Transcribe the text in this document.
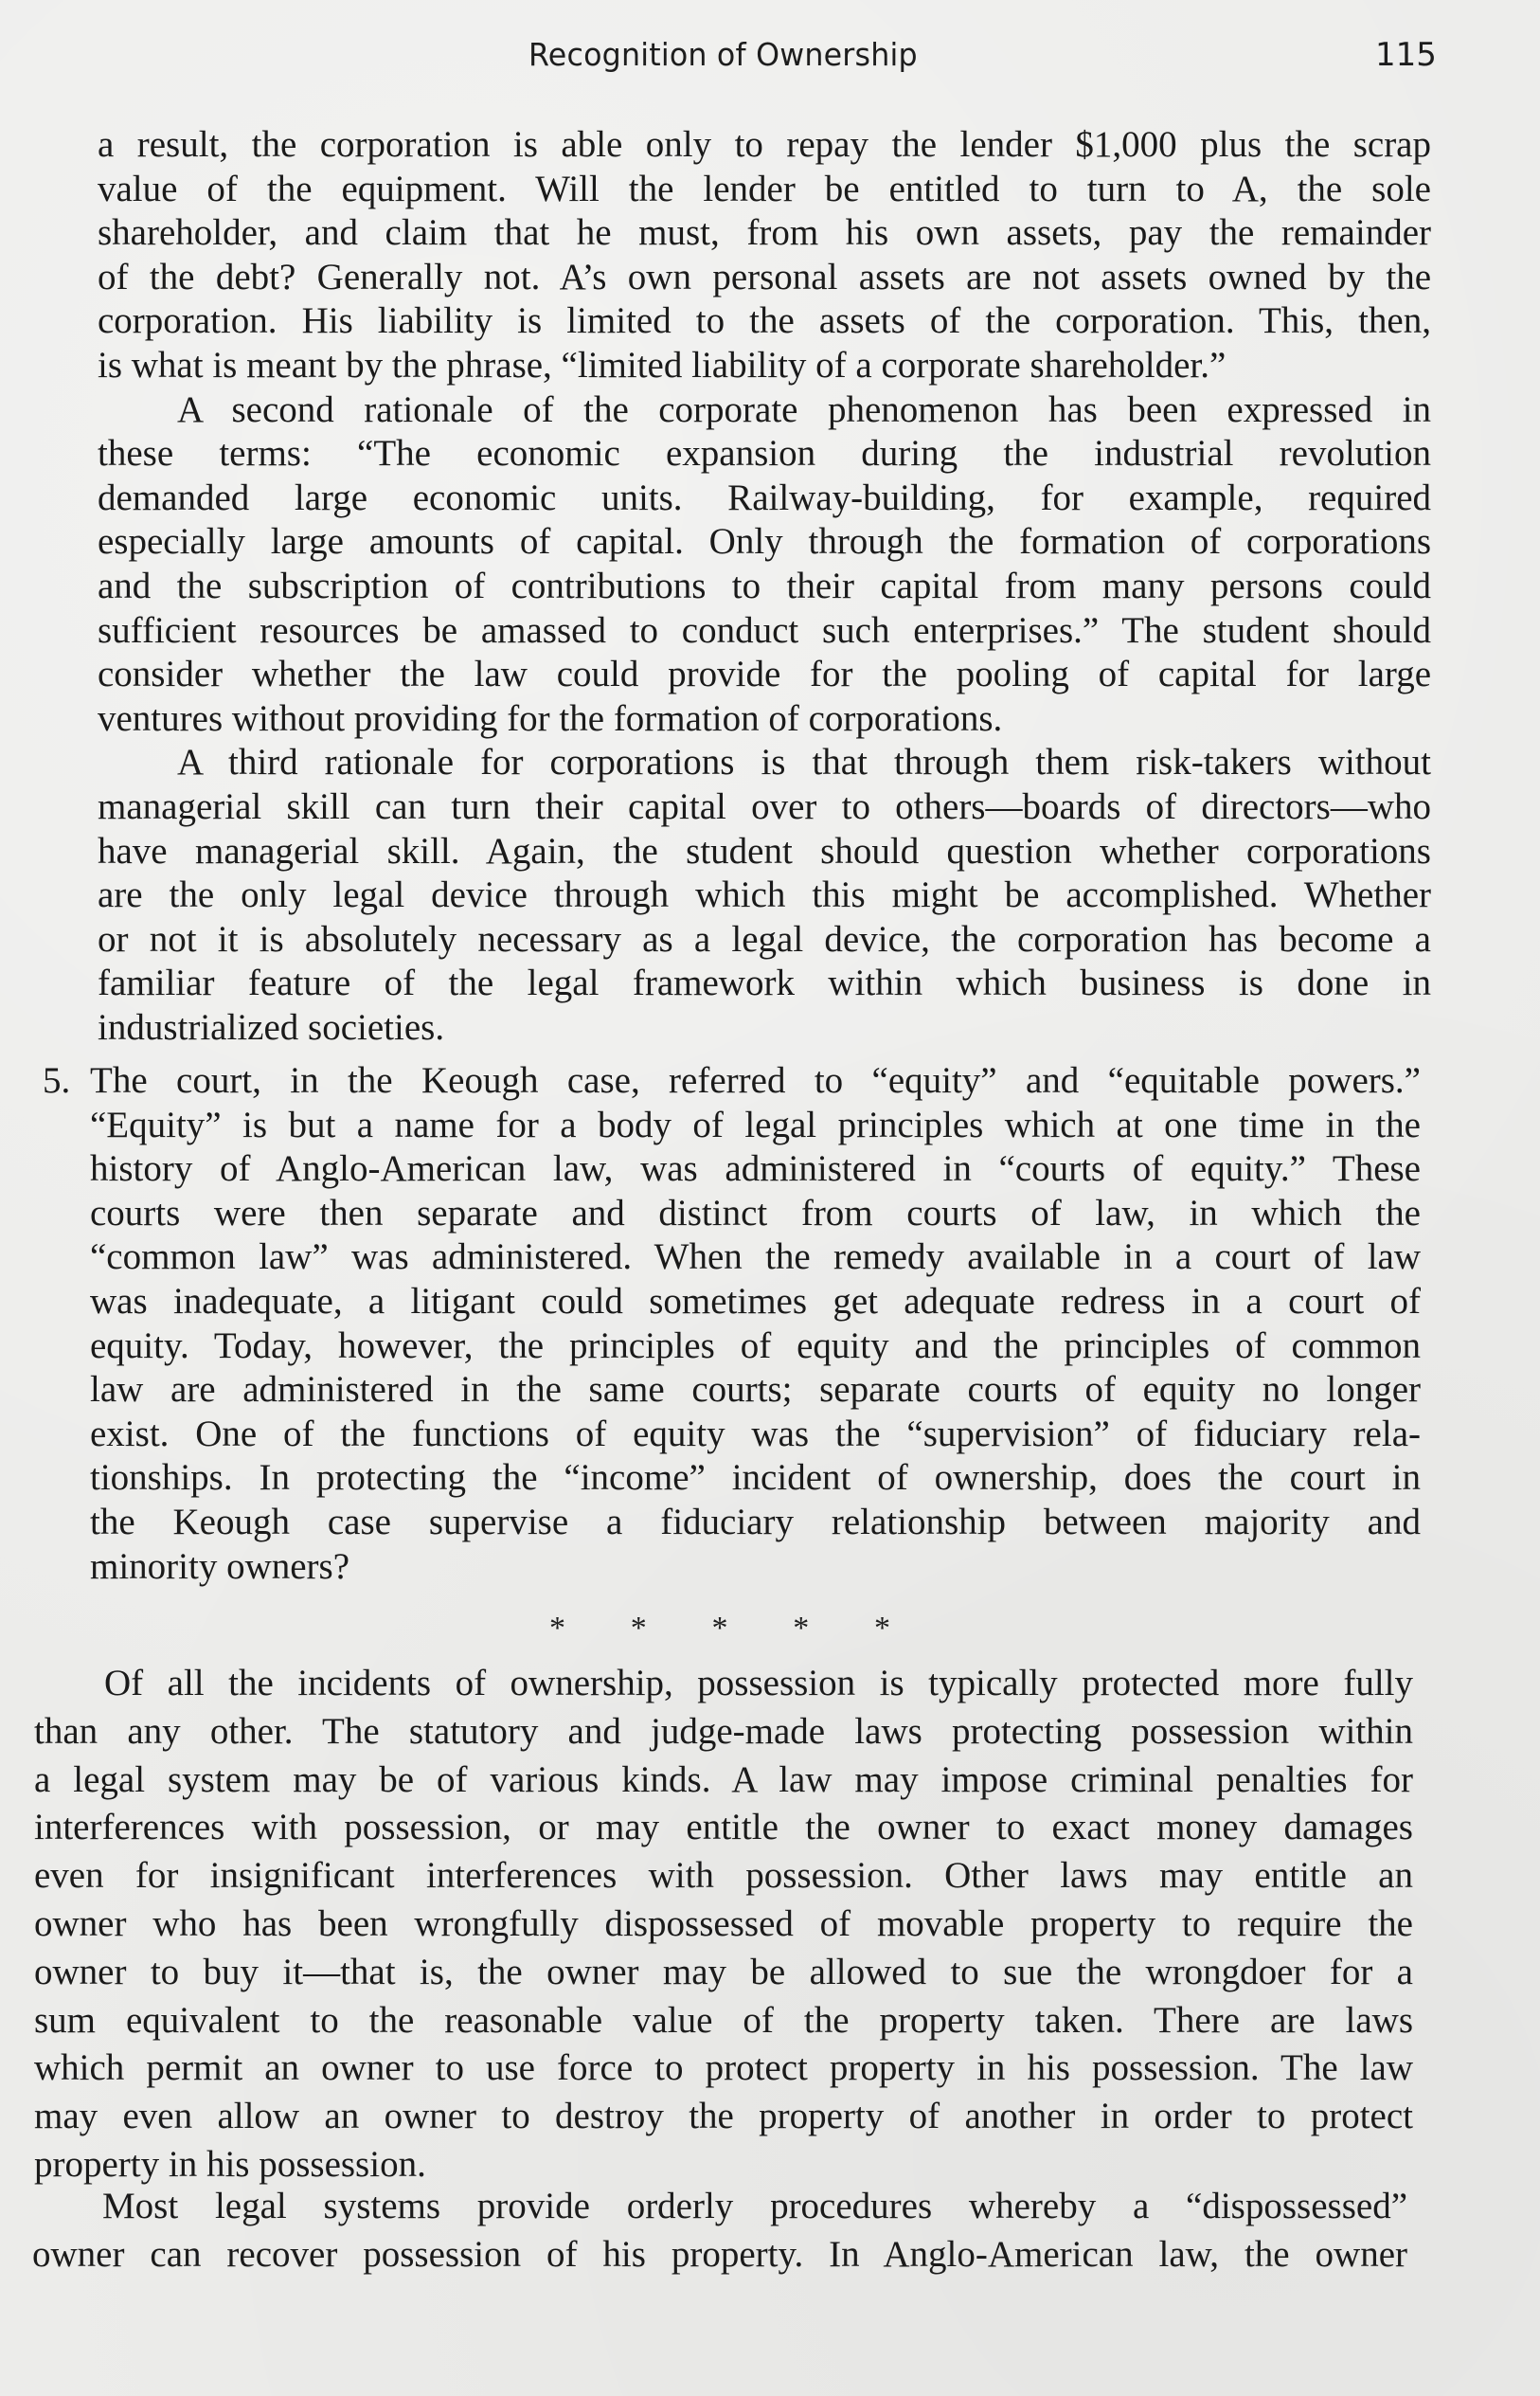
Recognition of Ownership	115
a result, the corporation is able only to repay the lender $1,000 plus the scrap
value of the equipment. Will the lender be entitled to turn to A, the sole
shareholder, and claim that he must, from his own assets, pay the remainder
of the debt? Generally not. A’s own personal assets are not assets owned by the
corporation. His liability is limited to the assets of the corporation. This, then,
is what is meant by the phrase, “limited liability of a corporate shareholder.”
A second rationale of the corporate phenomenon has been expressed in
these terms: “The economic expansion during the industrial revolution
demanded large economic units. Railway-building, for example, required
especially large amounts of capital. Only through the formation of corporations
and the subscription of contributions to their capital from many persons could
sufficient resources be amassed to conduct such enterprises.” The student should
consider whether the law could provide for the pooling of capital for large
ventures without providing for the formation of corporations.
A third rationale for corporations is that through them risk-takers without
managerial skill can turn their capital over to others—boards of directors—who
have managerial skill. Again, the student should question whether corporations
are the only legal device through which this might be accomplished. Whether
or not it is absolutely necessary as a legal device, the corporation has become a
familiar feature of the legal framework within which business is done in
industrialized societies.
5. The court, in the Keough case, referred to “equity” and “equitable powers.”
“Equity” is but a name for a body of legal principles which at one time in the
history of Anglo-American law, was administered in “courts of equity.” These
courts were then separate and distinct from courts of law, in which the
“common law” was administered. When the remedy available in a court of law
was inadequate, a litigant could sometimes get adequate redress in a court of
equity. Today, however, the principles of equity and the principles of common
law are administered in the same courts; separate courts of equity no longer
exist. One of the functions of equity was the “supervision” of fiduciary rela-
tionships. In protecting the “income” incident of ownership, does the court in
the Keough case supervise a fiduciary relationship between majority and
minority owners?
* * * * *
Of all the incidents of ownership, possession is typically protected more fully
than any other. The statutory and judge-made laws protecting possession within
a legal system may be of various kinds. A law may impose criminal penalties for
interferences with possession, or may entitle the owner to exact money damages
even for insignificant interferences with possession. Other laws may entitle an
owner who has been wrongfully dispossessed of movable property to require the
owner to buy it—that is, the owner may be allowed to sue the wrongdoer for a
sum equivalent to the reasonable value of the property taken. There are laws
which permit an owner to use force to protect property in his possession. The law
may even allow an owner to destroy the property of another in order to protect
property in his possession.
Most legal systems provide orderly procedures whereby a “dispossessed”
owner can recover possession of his property. In Anglo-American law, the owner
